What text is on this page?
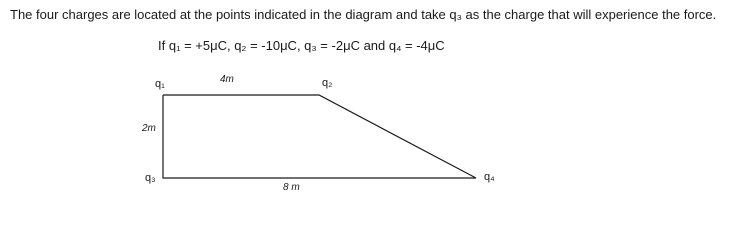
The four charges are located at the points indicated in the diagram and take q₃ as the charge that will experience the force.

If q₁ = +5μC, q₂ = -10μC, q₃ = -2μC and q₄ = -4μC

q₁	4m	q₂
2m
q₃	q₄
8 m
